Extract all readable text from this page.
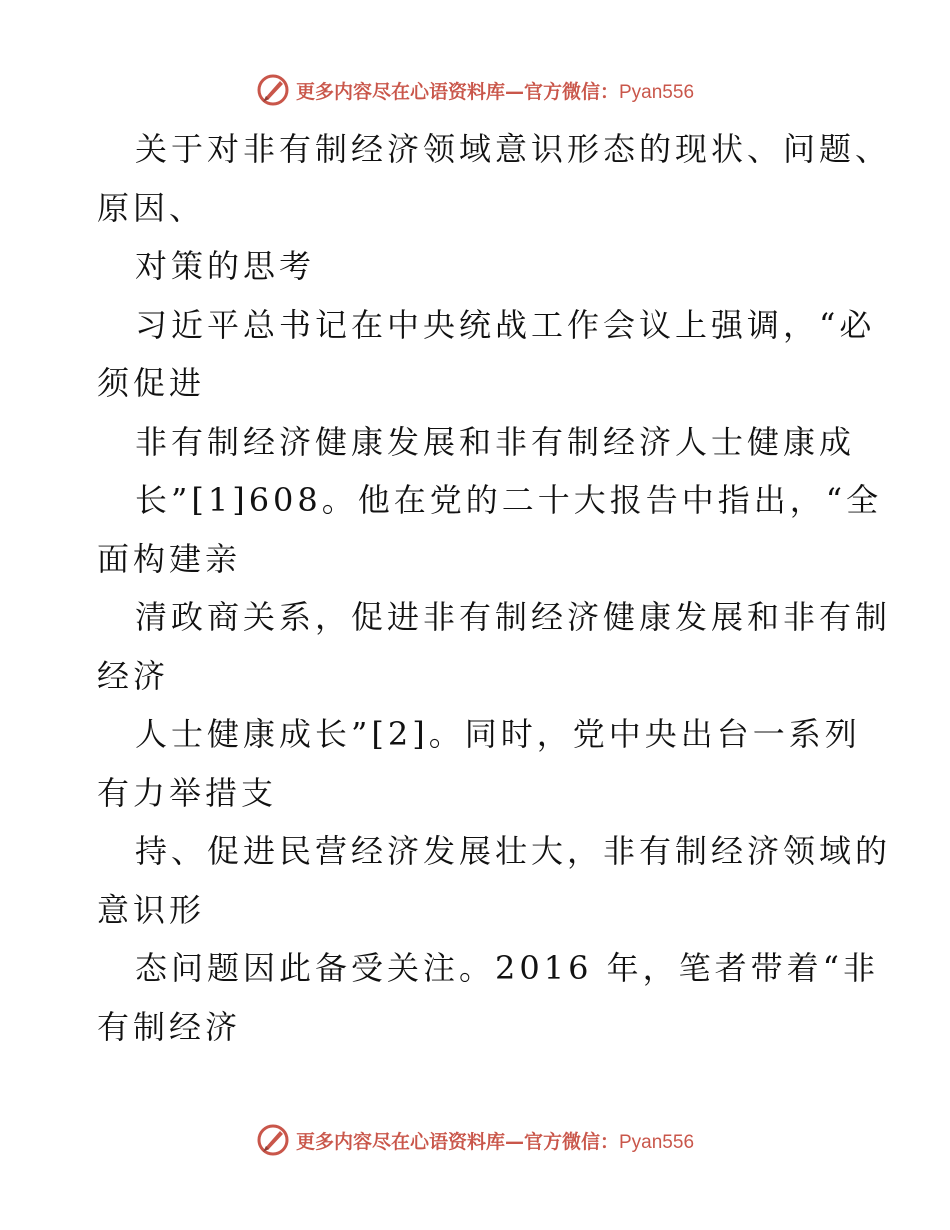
更多内容尽在心语资料库—官方微信：Pyan556
关于对非有制经济领域意识形态的现状、问题、
原因、
对策的思考
习近平总书记在中央统战工作会议上强调，“必
须促进
非有制经济健康发展和非有制经济人士健康成
长”[1]608。他在党的二十大报告中指出，“全
面构建亲
清政商关系，促进非有制经济健康发展和非有制
经济
人士健康成长”[2]。同时，党中央出台一系列
有力举措支
持、促进民营经济发展壮大，非有制经济领域的
意识形
态问题因此备受关注。2016 年，笔者带着“非
有制经济
更多内容尽在心语资料库—官方微信：Pyan556
